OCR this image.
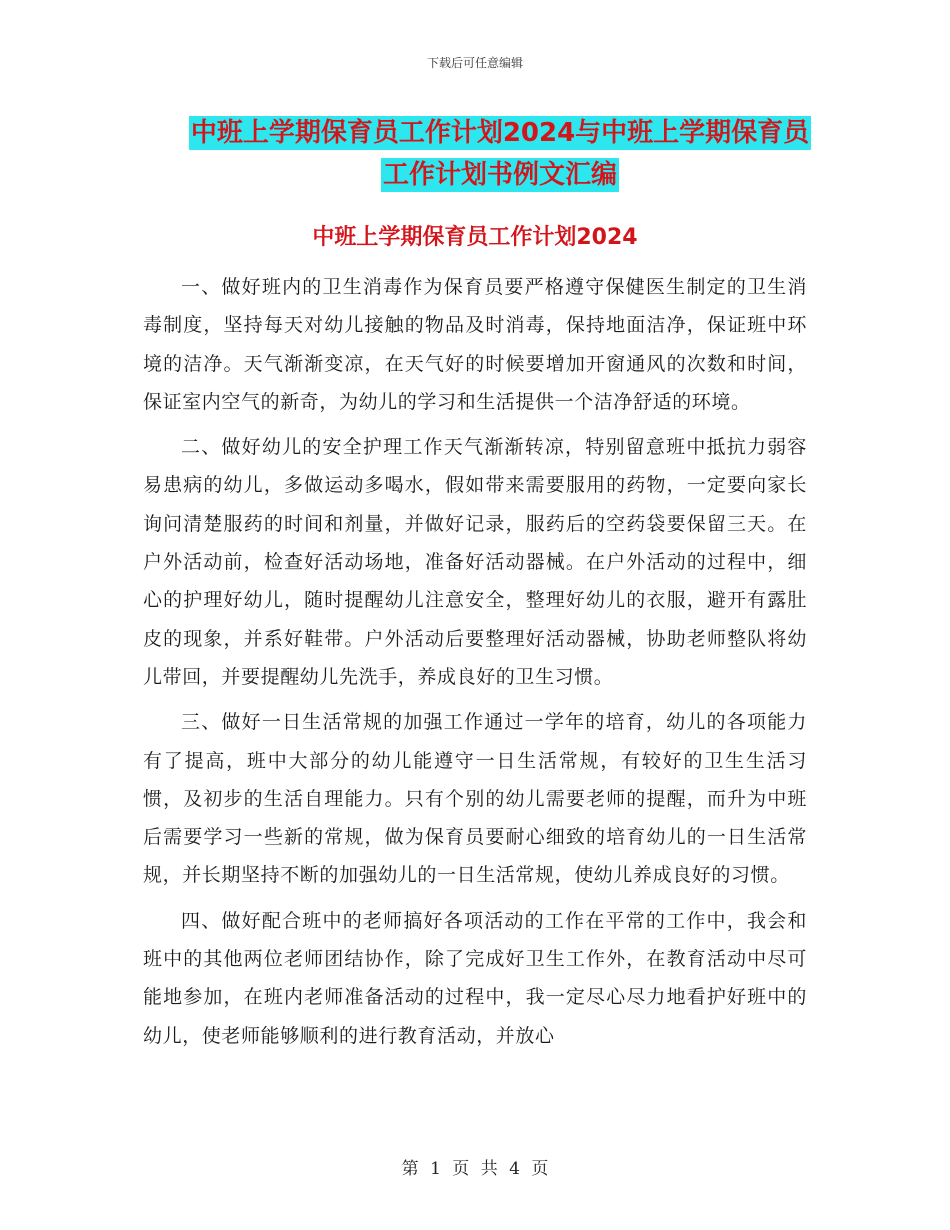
下载后可任意编辑
中班上学期保育员工作计划2024与中班上学期保育员
工作计划书例文汇编
中班上学期保育员工作计划2024

一、做好班内的卫生消毒作为保育员要严格遵守保健医生制定的卫生消毒制度，坚持每天对幼儿接触的物品及时消毒，保持地面洁净，保证班中环境的洁净。天气渐渐变凉，在天气好的时候要增加开窗通风的次数和时间，保证室内空气的新奇，为幼儿的学习和生活提供一个洁净舒适的环境。

二、做好幼儿的安全护理工作天气渐渐转凉，特别留意班中抵抗力弱容易患病的幼儿，多做运动多喝水，假如带来需要服用的药物，一定要向家长询问清楚服药的时间和剂量，并做好记录，服药后的空药袋要保留三天。在户外活动前，检查好活动场地，准备好活动器械。在户外活动的过程中，细心的护理好幼儿，随时提醒幼儿注意安全，整理好幼儿的衣服，避开有露肚皮的现象，并系好鞋带。户外活动后要整理好活动器械，协助老师整队将幼儿带回，并要提醒幼儿先洗手，养成良好的卫生习惯。

三、做好一日生活常规的加强工作通过一学年的培育，幼儿的各项能力有了提高，班中大部分的幼儿能遵守一日生活常规，有较好的卫生生活习惯，及初步的生活自理能力。只有个别的幼儿需要老师的提醒，而升为中班后需要学习一些新的常规，做为保育员要耐心细致的培育幼儿的一日生活常规，并长期坚持不断的加强幼儿的一日生活常规，使幼儿养成良好的习惯。

四、做好配合班中的老师搞好各项活动的工作在平常的工作中，我会和班中的其他两位老师团结协作，除了完成好卫生工作外，在教育活动中尽可能地参加，在班内老师准备活动的过程中，我一定尽心尽力地看护好班中的幼儿，使老师能够顺利的进行教育活动，并放心

第 1 页 共 4 页
